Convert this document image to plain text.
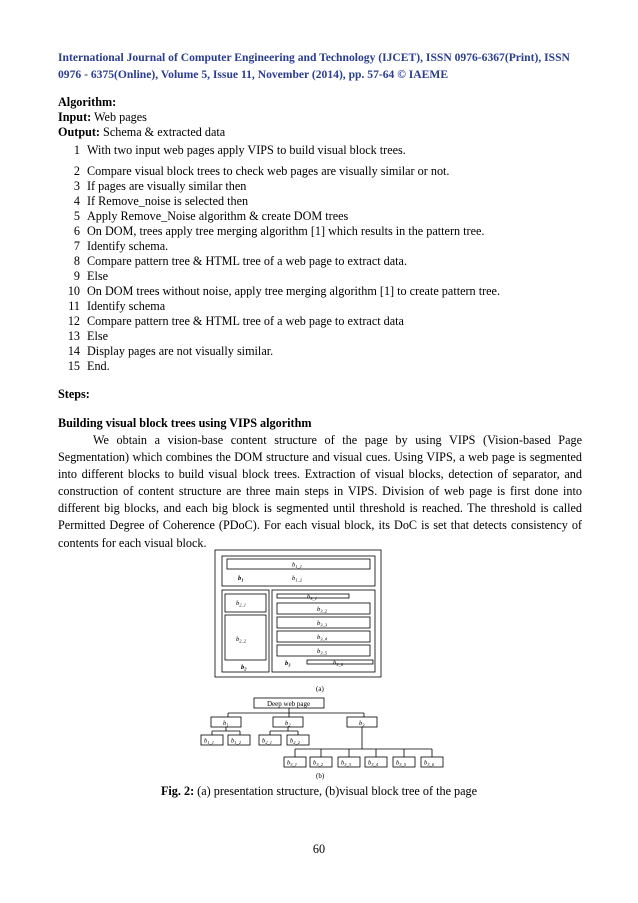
International Journal of Computer Engineering and Technology (IJCET), ISSN 0976-6367(Print), ISSN 0976 - 6375(Online), Volume 5, Issue 11, November (2014), pp. 57-64 © IAEME
Algorithm:
Input: Web pages
Output: Schema & extracted data
1 With two input web pages apply VIPS to build visual block trees.
2 Compare visual block trees to check web pages are visually similar or not.
3 If pages are visually similar then
4 If Remove_noise is selected then
5 Apply Remove_Noise algorithm & create DOM trees
6 On DOM, trees apply tree merging algorithm [1] which results in the pattern tree.
7 Identify schema.
8 Compare pattern tree & HTML tree of a web page to extract data.
9 Else
10 On DOM trees without noise, apply tree merging algorithm [1] to create pattern tree.
11 Identify schema
12 Compare pattern tree & HTML tree of a web page to extract data
13 Else
14 Display pages are not visually similar.
15 End.
Steps:
Building visual block trees using VIPS algorithm
We obtain a vision-base content structure of the page by using VIPS (Vision-based Page Segmentation) which combines the DOM structure and visual cues. Using VIPS, a web page is segmented into different blocks to build visual block trees. Extraction of visual blocks, detection of separator, and construction of content structure are three main steps in VIPS. Division of web page is first done into different big blocks, and each big block is segmented until threshold is reached. The threshold is called Permitted Degree of Coherence (PDoC). For each visual block, its DoC is set that detects consistency of contents for each visual block.
$b_{1\_1}$
$b_{1\_2}$
$b_1$
$b_{2\_1}$
$b_{2\_2}$
$b_2$
$b_{3\_1}$
$b_{3\_2}$
$b_{3\_3}$
$b_{3\_4}$
$b_{3\_5}$
$b_3$	$b_{3\_6}$
$b_1$	$b_2$	$b_3$
$b_{1\_1}$	$b_{1\_2}$	$b_{2\_1}$	$b_{2\_2}$
$b_{3\_1}$ $b_{3\_2}$	$b_{3\_3}$	$b_{3\_4}$	$b_{3\_5}$	$b_{3\_6}$
Deep web page
(a)
(b)
Fig. 2: (a) presentation structure, (b)visual block tree of the page
60
